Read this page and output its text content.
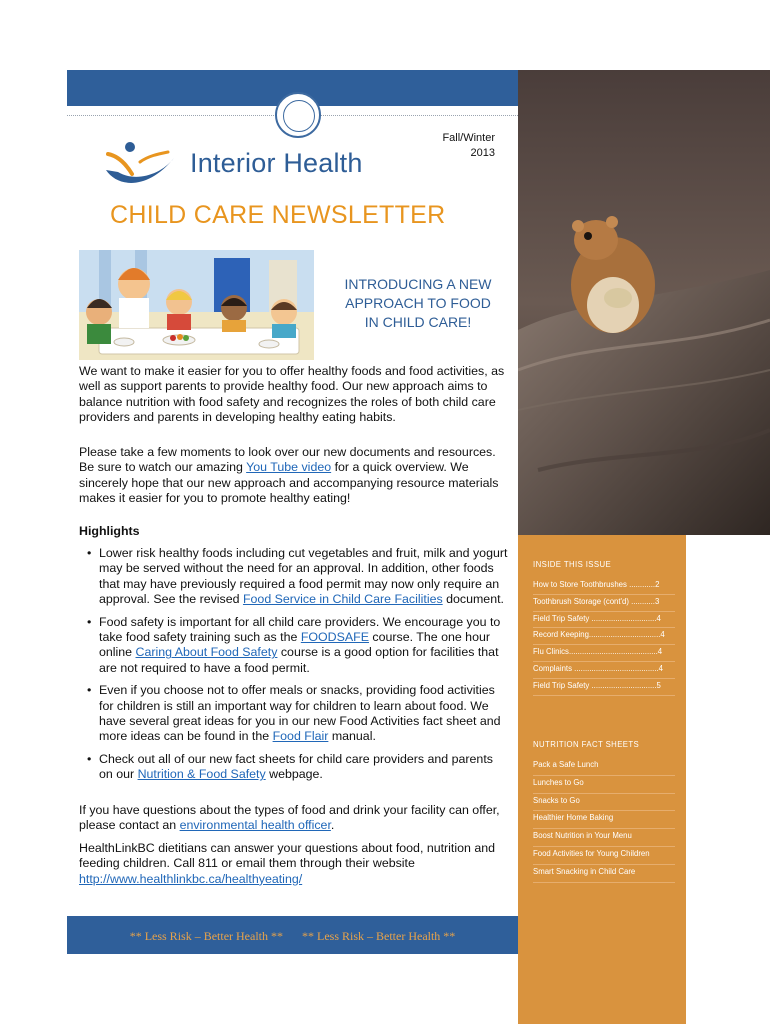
Fall/Winter
2013
Interior Health
CHILD CARE NEWSLETTER
INTRODUCING A NEW
APPROACH TO FOOD
IN CHILD CARE!

We want to make it easier for you to offer healthy foods and food activities, as well as support parents to provide healthy food. Our new approach aims to balance nutrition with food safety and recognizes the roles of both child care providers and parents in developing healthy eating habits.

Please take a few moments to look over our new documents and resources. Be sure to watch our amazing You Tube video for a quick overview. We sincerely hope that our new approach and accompanying resource materials makes it easier for you to promote healthy eating!

Highlights
• Lower risk healthy foods including cut vegetables and fruit, milk and yogurt may be served without the need for an approval. In addition, other foods that may have previously required a food permit may now only require an approval. See the revised Food Service in Child Care Facilities document.
• Food safety is important for all child care providers. We encourage you to take food safety training such as the FOODSAFE course. The one hour online Caring About Food Safety course is a good option for facilities that are not required to have a food permit.
• Even if you choose not to offer meals or snacks, providing food activities for children is still an important way for children to learn about food. We have several great ideas for you in our new Food Activities fact sheet and more ideas can be found in the Food Flair manual.
• Check out all of our new fact sheets for child care providers and parents on our Nutrition & Food Safety webpage.

If you have questions about the types of food and drink your facility can offer, please contact an environmental health officer.

HealthLinkBC dietitians can answer your questions about food, nutrition and feeding children. Call 811 or email them through their website http://www.healthlinkbc.ca/healthyeating/

INSIDE THIS ISSUE
How to Store Toothbrushes ............2
Toothbrush Storage (cont'd) ...........3
Field Trip Safety ..............................4
Record Keeping.................................4
Flu Clinics.........................................4
Complaints .......................................4
Field Trip Safety ..............................5
NUTRITION FACT SHEETS
Pack a Safe Lunch
Lunches to Go
Snacks to Go
Healthier Home Baking
Boost Nutrition in Your Menu
Food Activities for Young Children
Smart Snacking in Child Care
** Less Risk – Better Health ** ** Less Risk – Better Health **
